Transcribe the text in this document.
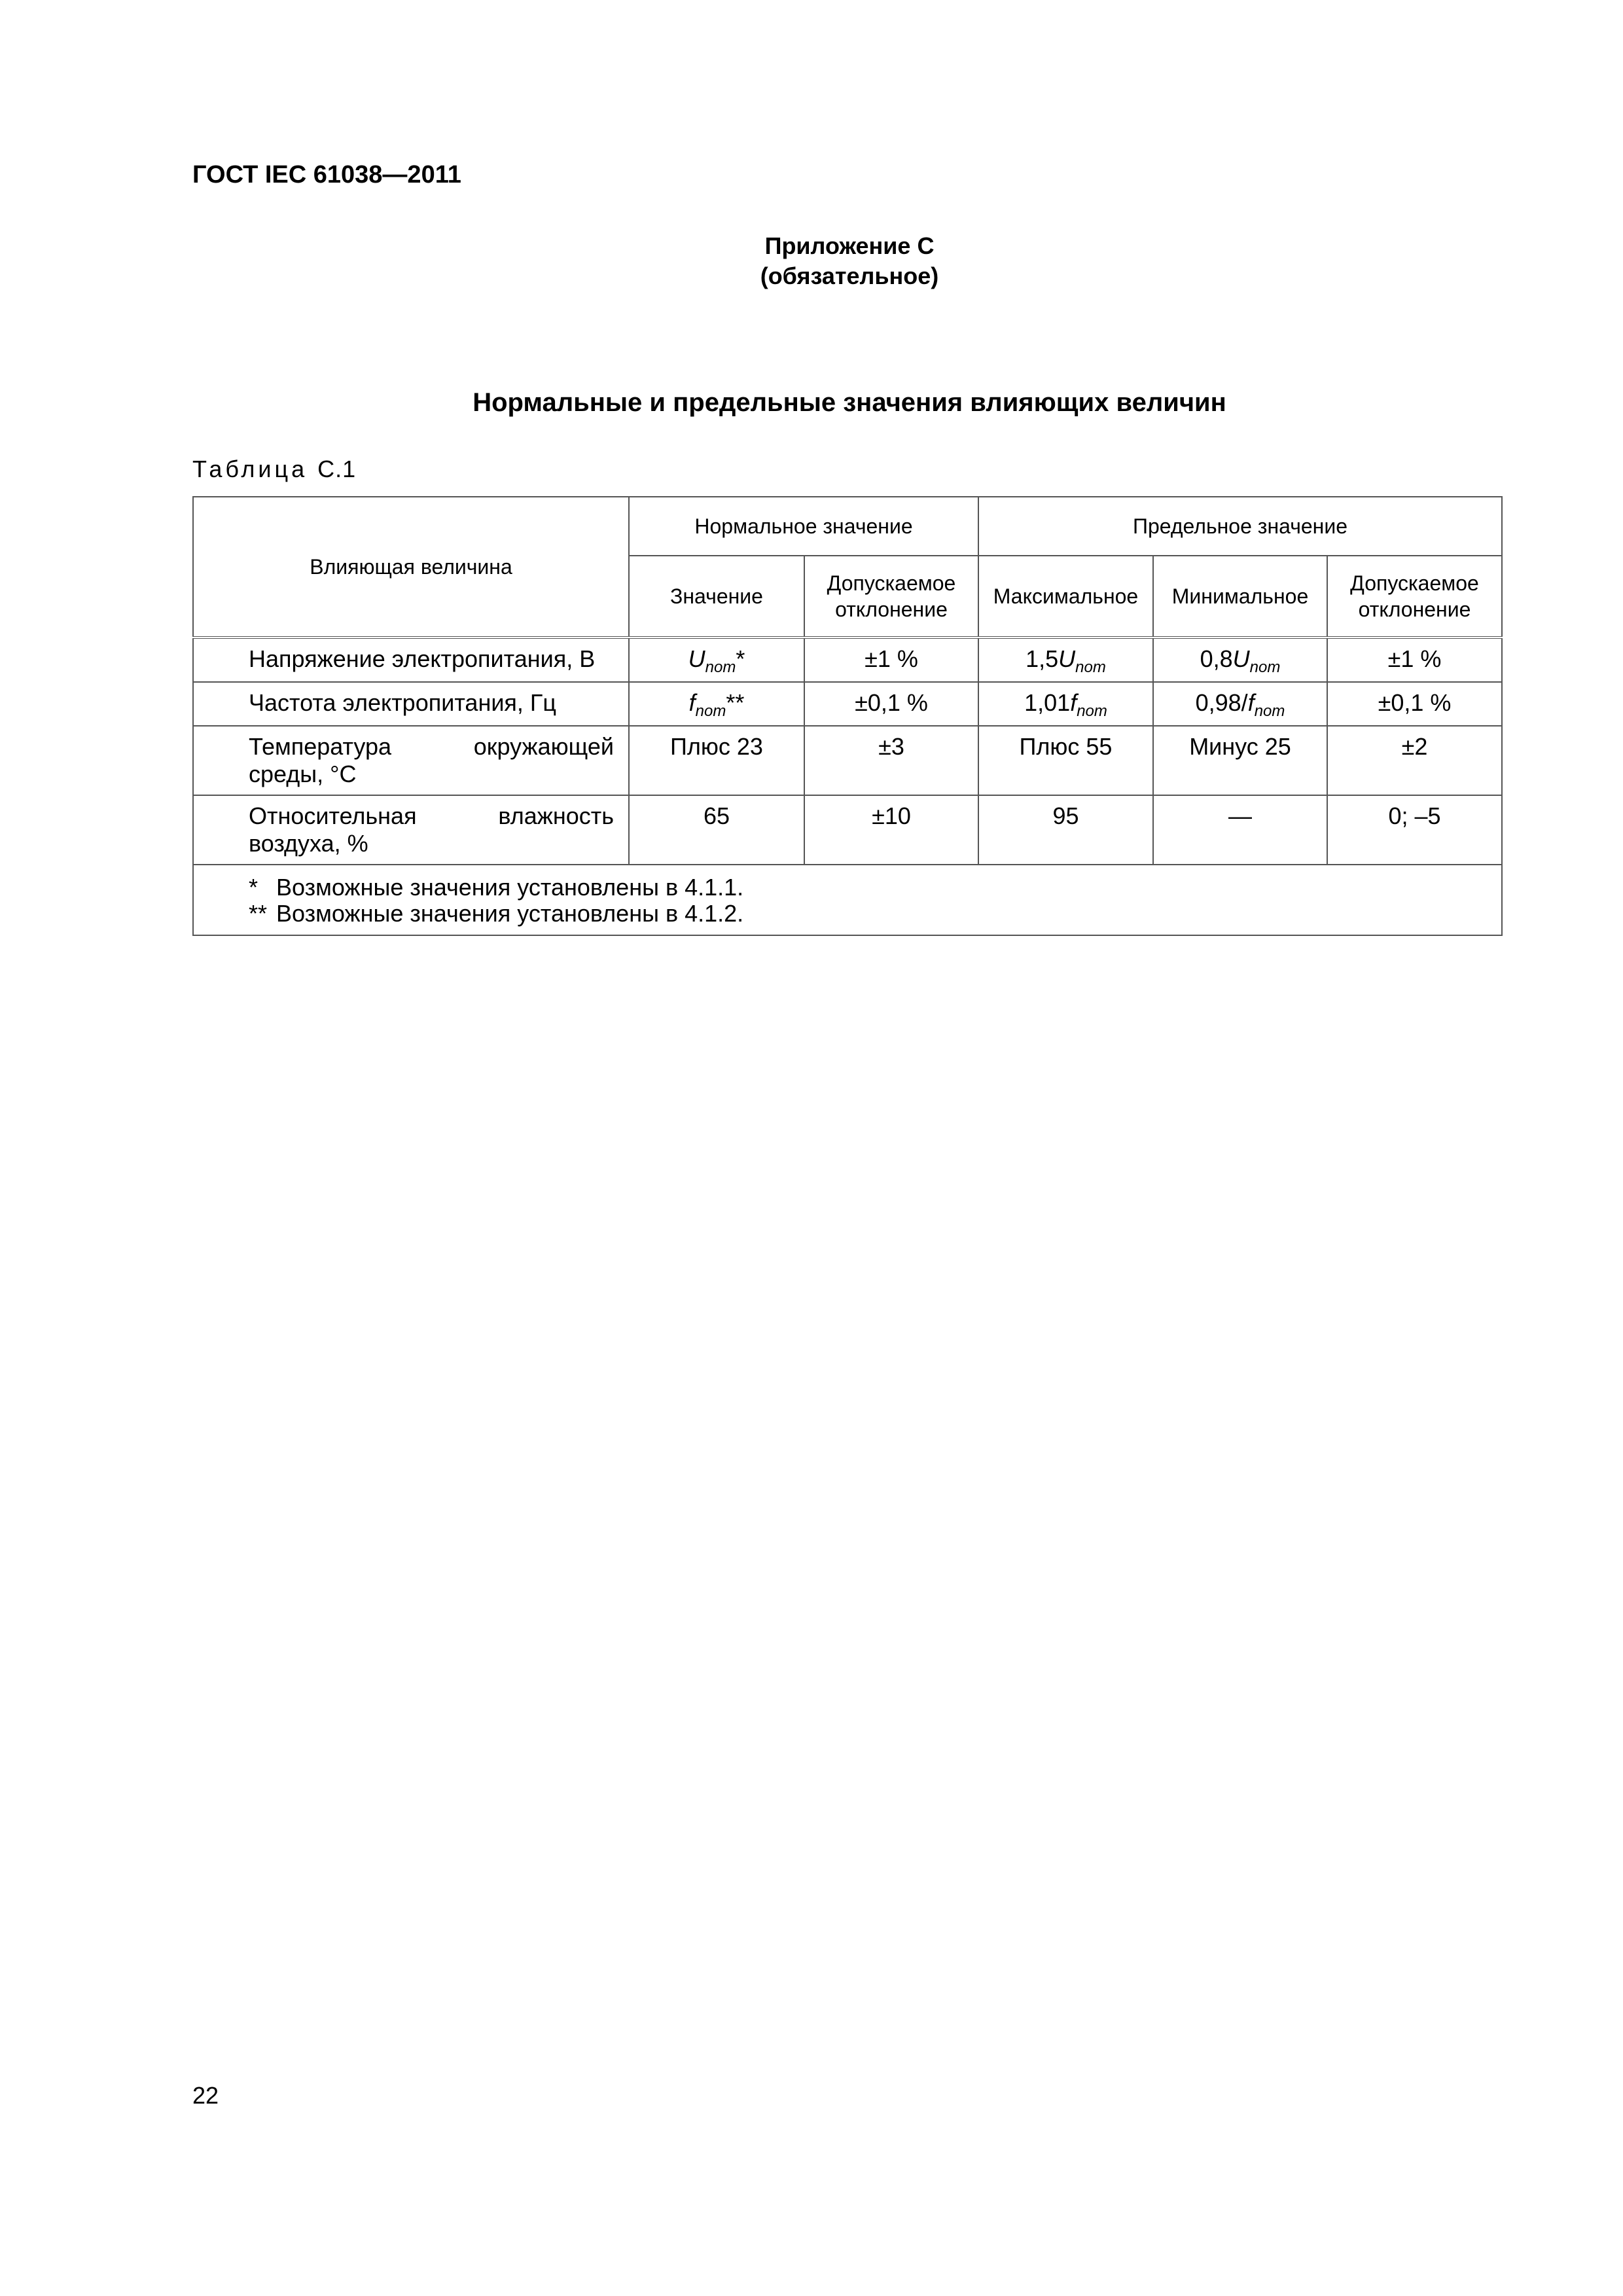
ГОСТ IEC 61038—2011
Приложение С
(обязательное)
Нормальные и предельные значения влияющих величин
Таблица С.1
Влияющая величина	Нормальное значение		Предельное значение		
	Значение	Допускаемое отклонение	Максимальное	Минимальное	Допускаемое отклонение
Напряжение электропитания, В	$U_{nom}*$	±1 %	$1,5U_{nom}$	$0,8U_{nom}$	±1 %
Частота электропитания, Гц	$f_{nom}**$	±0,1 %	$1,01f_{nom}$	$0,98/f_{nom}$	±0,1 %
Температура окружающей среды, °С	Плюс 23	±3	Плюс 55	Минус 25	±2
Относительная влажность воздуха, %	65	±10	95	—	0; –5

* Возможные значения установлены в 4.1.1.
** Возможные значения установлены в 4.1.2.					
22
